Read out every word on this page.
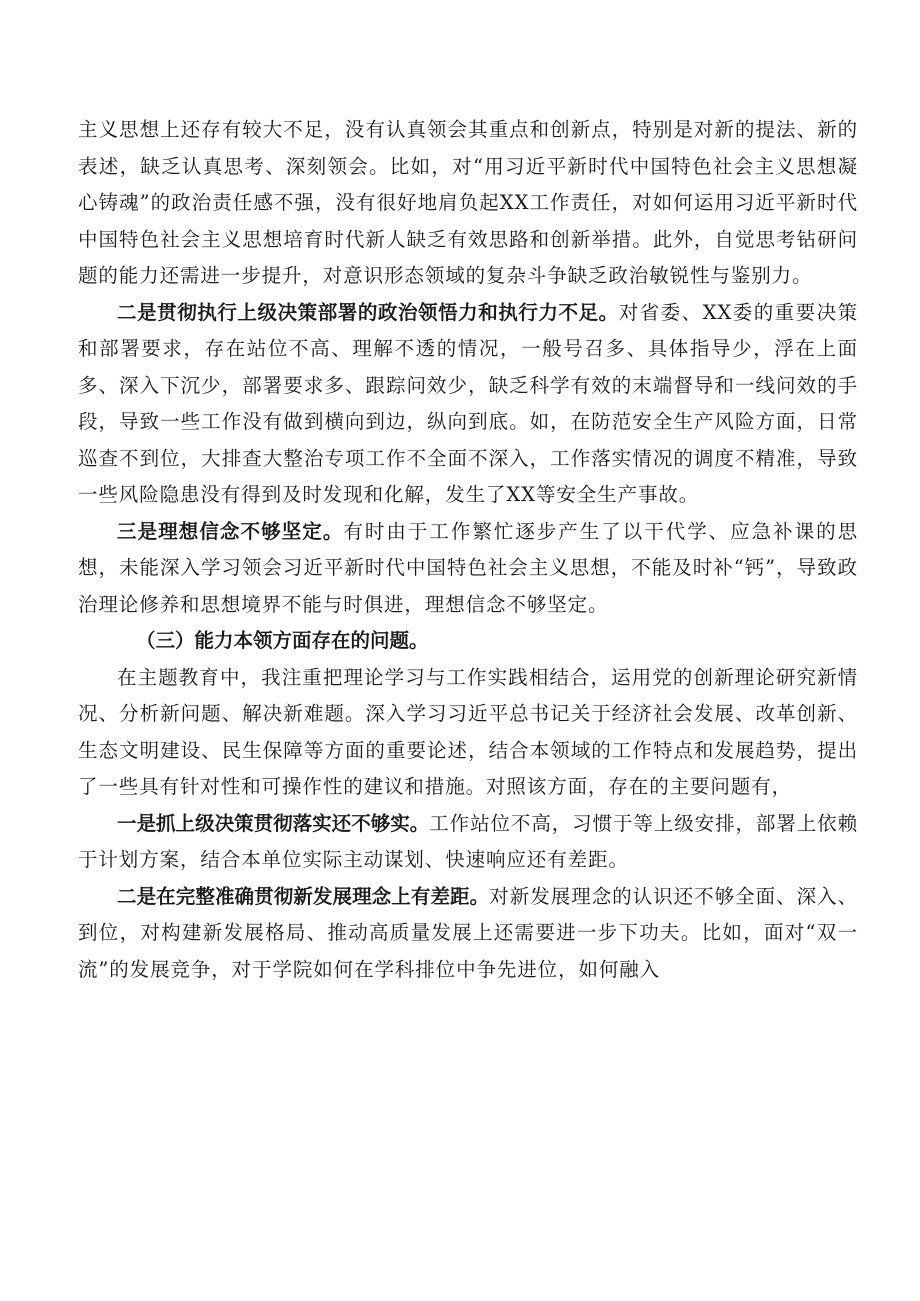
主义思想上还存有较大不足，没有认真领会其重点和创新点，特别是对新的提法、新的表述，缺乏认真思考、深刻领会。比如，对“用习近平新时代中国特色社会主义思想凝心铸魂”的政治责任感不强，没有很好地肩负起XX工作责任，对如何运用习近平新时代中国特色社会主义思想培育时代新人缺乏有效思路和创新举措。此外，自觉思考钻研问题的能力还需进一步提升，对意识形态领域的复杂斗争缺乏政治敏锐性与鉴别力。

二是贯彻执行上级决策部署的政治领悟力和执行力不足。对省委、XX委的重要决策和部署要求，存在站位不高、理解不透的情况，一般号召多、具体指导少，浮在上面多、深入下沉少，部署要求多、跟踪问效少，缺乏科学有效的末端督导和一线问效的手段，导致一些工作没有做到横向到边，纵向到底。如，在防范安全生产风险方面，日常巡查不到位，大排查大整治专项工作不全面不深入，工作落实情况的调度不精准，导致一些风险隐患没有得到及时发现和化解，发生了XX等安全生产事故。

三是理想信念不够坚定。有时由于工作繁忙逐步产生了以干代学、应急补课的思想，未能深入学习领会习近平新时代中国特色社会主义思想，不能及时补“钙”，导致政治理论修养和思想境界不能与时俱进，理想信念不够坚定。

（三）能力本领方面存在的问题。

在主题教育中，我注重把理论学习与工作实践相结合，运用党的创新理论研究新情况、分析新问题、解决新难题。深入学习习近平总书记关于经济社会发展、改革创新、生态文明建设、民生保障等方面的重要论述，结合本领域的工作特点和发展趋势，提出了一些具有针对性和可操作性的建议和措施。对照该方面，存在的主要问题有，

一是抓上级决策贯彻落实还不够实。工作站位不高，习惯于等上级安排，部署上依赖于计划方案，结合本单位实际主动谋划、快速响应还有差距。

二是在完整准确贯彻新发展理念上有差距。对新发展理念的认识还不够全面、深入、到位，对构建新发展格局、推动高质量发展上还需要进一步下功夫。比如，面对“双一流”的发展竞争，对于学院如何在学科排位中争先进位，如何融入
